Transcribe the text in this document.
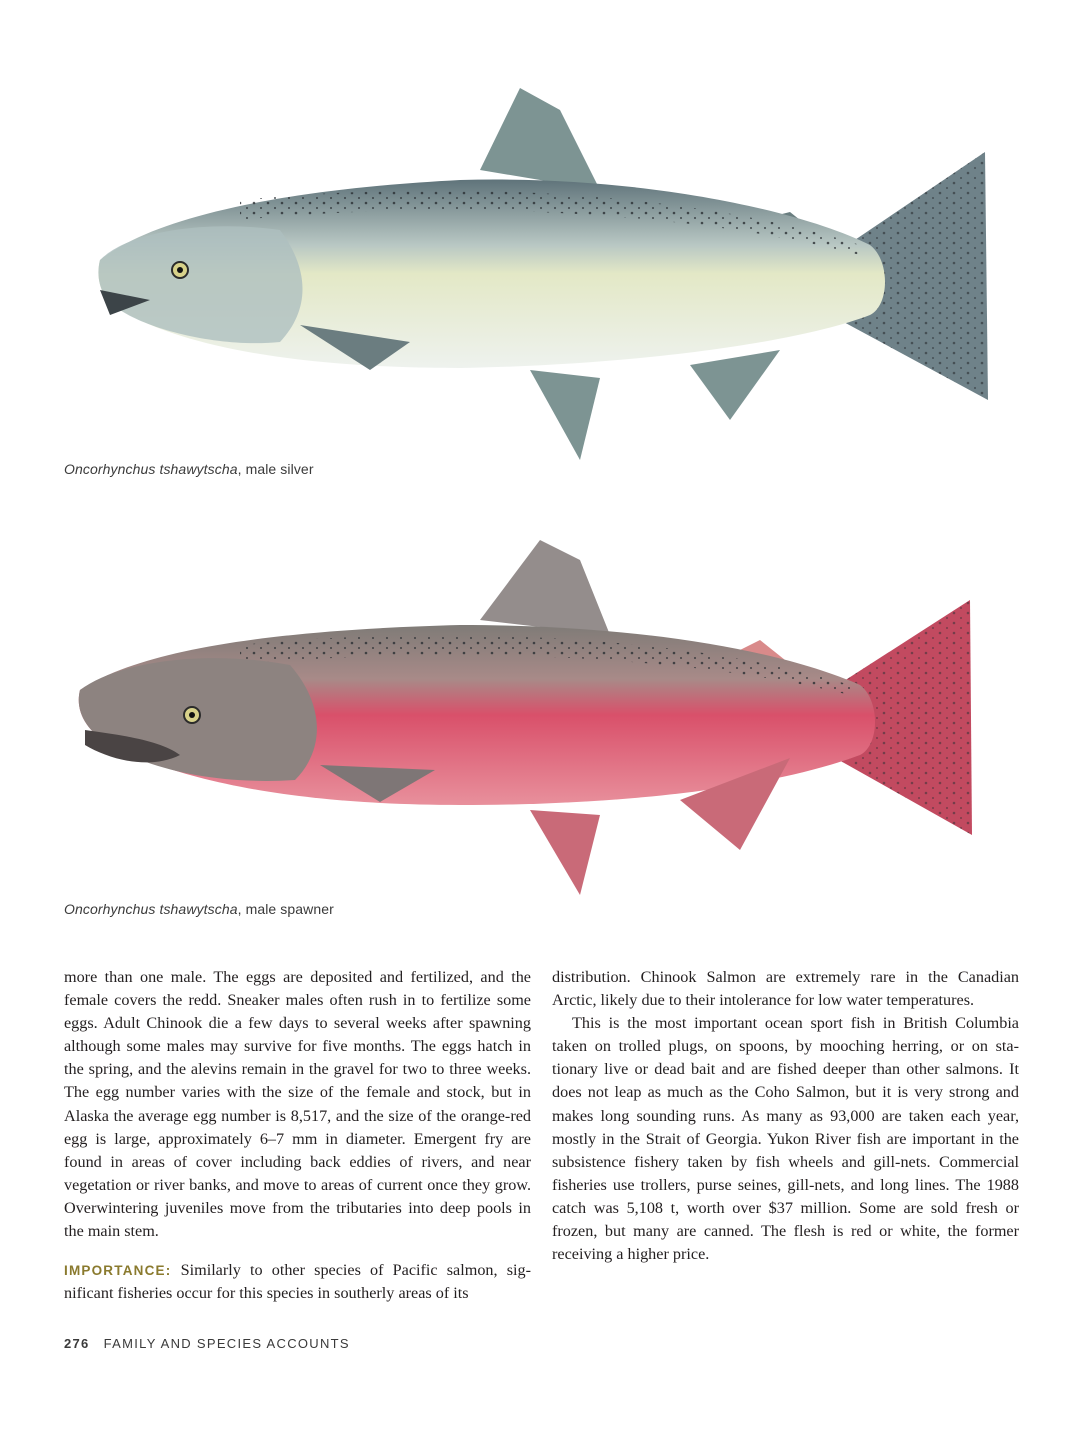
Oncorhynchus tshawytscha, male silver
Oncorhynchus tshawytscha, male spawner

more than one male. The eggs are deposited and fertilized, and the female covers the redd. Sneaker males often rush in to fertilize some eggs. Adult Chinook die a few days to several weeks after spawning although some males may survive for five months. The eggs hatch in the spring, and the alevins remain in the gravel for two to three weeks. The egg number varies with the size of the female and stock, but in Alaska the average egg number is 8,517, and the size of the orange-red egg is large, approximately 6–7 mm in diameter. Emergent fry are found in areas of cover including back eddies of rivers, and near vegetation or river banks, and move to areas of current once they grow. Overwintering juveniles move from the tributaries into deep pools in the main stem.

IMPORTANCE: Similarly to other species of Pacific salmon, significant fisheries occur for this species in southerly areas of its

distribution. Chinook Salmon are extremely rare in the Canadian Arctic, likely due to their intolerance for low water temperatures.

This is the most important ocean sport fish in British Columbia taken on trolled plugs, on spoons, by mooching herring, or on stationary live or dead bait and are fished deeper than other salmons. It does not leap as much as the Coho Salmon, but it is very strong and makes long sounding runs. As many as 93,000 are taken each year, mostly in the Strait of Georgia. Yukon River fish are important in the subsistence fishery taken by fish wheels and gill-nets. Commercial fisheries use trollers, purse seines, gill-nets, and long lines. The 1988 catch was 5,108 t, worth over $37 million. Some are sold fresh or frozen, but many are canned. The flesh is red or white, the former receiving a higher price.

276 FAMILY AND SPECIES ACCOUNTS
